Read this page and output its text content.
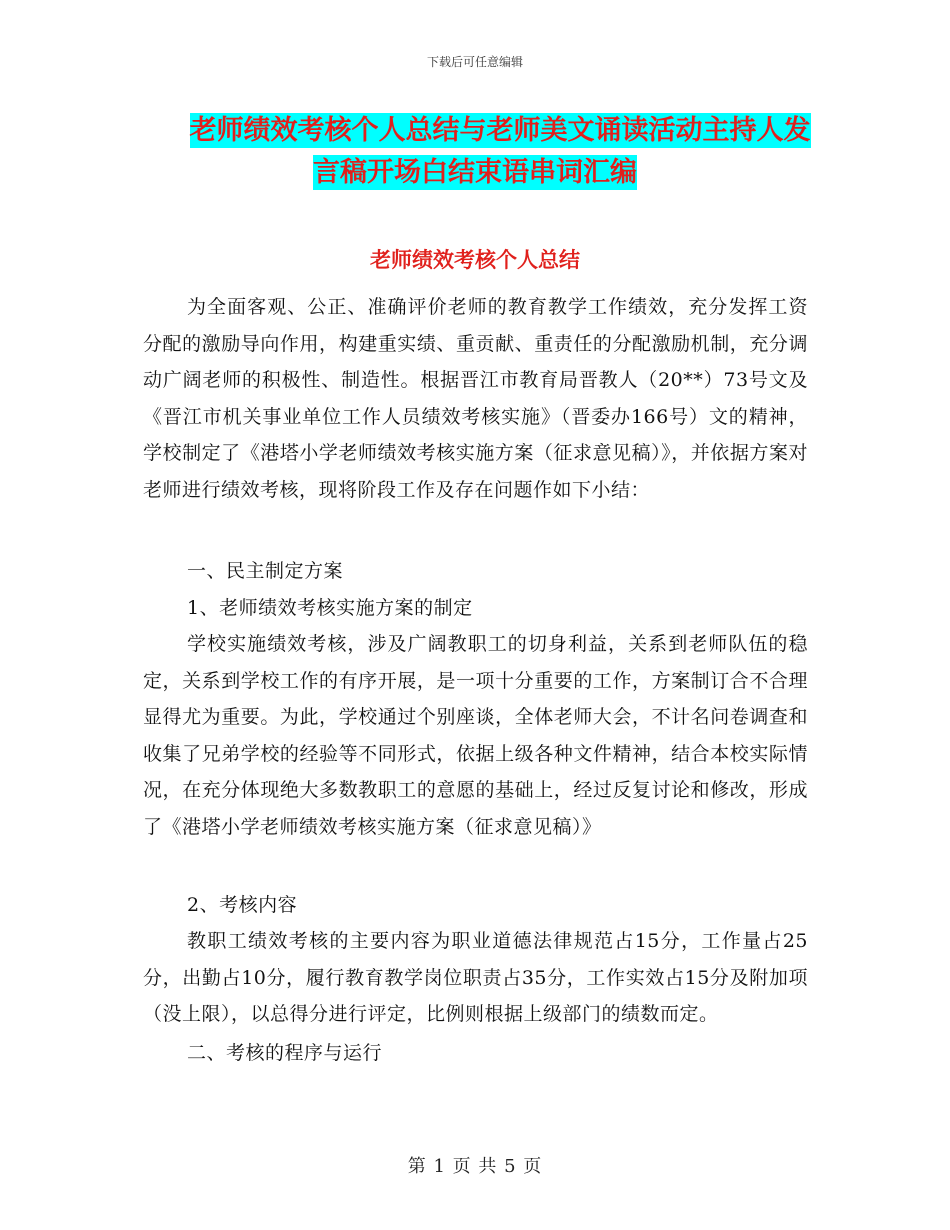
下载后可任意编辑
老师绩效考核个人总结与老师美文诵读活动主持人发
言稿开场白结束语串词汇编
老师绩效考核个人总结

为全面客观、公正、准确评价老师的教育教学工作绩效，充分发挥工资分配的激励导向作用，构建重实绩、重贡献、重责任的分配激励机制，充分调动广阔老师的积极性、制造性。根据晋江市教育局晋教人（20**）73号文及《晋江市机关事业单位工作人员绩效考核实施》（晋委办166号）文的精神，学校制定了《港塔小学老师绩效考核实施方案（征求意见稿）》，并依据方案对老师进行绩效考核，现将阶段工作及存在问题作如下小结：

一、民主制定方案

1、老师绩效考核实施方案的制定

学校实施绩效考核，涉及广阔教职工的切身利益，关系到老师队伍的稳定，关系到学校工作的有序开展，是一项十分重要的工作，方案制订合不合理显得尤为重要。为此，学校通过个别座谈，全体老师大会，不计名问卷调查和收集了兄弟学校的经验等不同形式，依据上级各种文件精神，结合本校实际情况，在充分体现绝大多数教职工的意愿的基础上，经过反复讨论和修改，形成了《港塔小学老师绩效考核实施方案（征求意见稿）》

2、考核内容

教职工绩效考核的主要内容为职业道德法律规范占15分，工作量占25分，出勤占10分，履行教育教学岗位职责占35分，工作实效占15分及附加项（没上限），以总得分进行评定，比例则根据上级部门的绩数而定。

二、考核的程序与运行

第 1 页 共 5 页
